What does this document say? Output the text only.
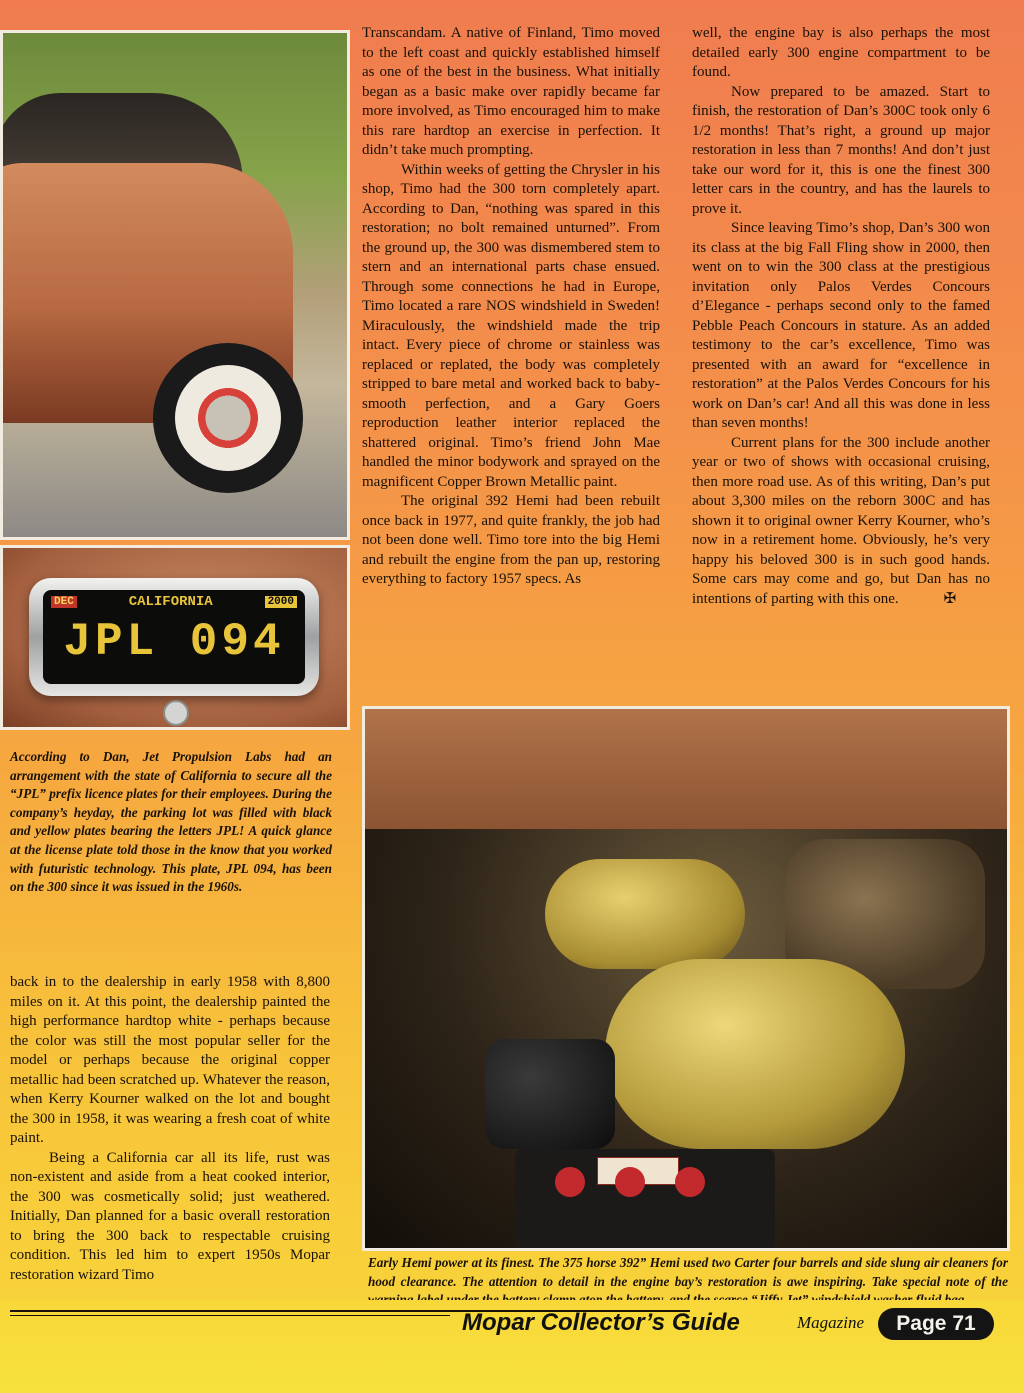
DEC	CALIFORNIA	2000
JPL 094
According to Dan, Jet Propulsion Labs had an arrangement with the state of California to secure all the “JPL” prefix licence plates for their employees. During the company’s heyday, the parking lot was filled with black and yellow plates bearing the letters JPL! A quick glance at the license plate told those in the know that you worked with futuristic technology. This plate, JPL 094, has been on the 300 since it was issued in the 1960s.

back in to the dealership in early 1958 with 8,800 miles on it. At this point, the dealership painted the high performance hardtop white - perhaps because the color was still the most popular seller for the model or perhaps because the original copper metallic had been scratched up. Whatever the reason, when Kerry Kourner walked on the lot and bought the 300 in 1958, it was wearing a fresh coat of white paint.

Being a California car all its life, rust was non-existent and aside from a heat cooked interior, the 300 was cosmetically solid; just weathered. Initially, Dan planned for a basic overall restoration to bring the 300 back to respectable cruising condition. This led him to expert 1950s Mopar restoration wizard Timo

Transcandam. A native of Finland, Timo moved to the left coast and quickly established himself as one of the best in the business. What initially began as a basic make over rapidly became far more involved, as Timo encouraged him to make this rare hardtop an exercise in perfection. It didn’t take much prompting.

Within weeks of getting the Chrysler in his shop, Timo had the 300 torn completely apart. According to Dan, “nothing was spared in this restoration; no bolt remained unturned”. From the ground up, the 300 was dismembered stem to stern and an international parts chase ensued. Through some connections he had in Europe, Timo located a rare NOS windshield in Sweden! Miraculously, the windshield made the trip intact. Every piece of chrome or stainless was replaced or replated, the body was completely stripped to bare metal and worked back to baby-smooth perfection, and a Gary Goers reproduction leather interior replaced the shattered original. Timo’s friend John Mae handled the minor bodywork and sprayed on the magnificent Copper Brown Metallic paint.

The original 392 Hemi had been rebuilt once back in 1977, and quite frankly, the job had not been done well. Timo tore into the big Hemi and rebuilt the engine from the pan up, restoring everything to factory 1957 specs. As

well, the engine bay is also perhaps the most detailed early 300 engine compartment to be found.

Now prepared to be amazed. Start to finish, the restoration of Dan’s 300C took only 6 1/2 months! That’s right, a ground up major restoration in less than 7 months! And don’t just take our word for it, this is one the finest 300 letter cars in the country, and has the laurels to prove it.

Since leaving Timo’s shop, Dan’s 300 won its class at the big Fall Fling show in 2000, then went on to win the 300 class at the prestigious invitation only Palos Verdes Concours d’Elegance - perhaps second only to the famed Pebble Peach Concours in stature. As an added testimony to the car’s excellence, Timo was presented with an award for “excellence in restoration” at the Palos Verdes Concours for his work on Dan’s car! And all this was done in less than seven months!

Current plans for the 300 include another year or two of shows with occasional cruising, then more road use. As of this writing, Dan’s put about 3,300 miles on the reborn 300C and has shown it to original owner Kerry Kourner, who’s now in a retirement home. Obviously, he’s very happy his beloved 300 is in such good hands. Some cars may come and go, but Dan has no intentions of parting with this one.	✠

Early Hemi power at its finest. The 375 horse 392” Hemi used two Carter four barrels and side slung air cleaners for hood clearance. The attention to detail in the engine bay’s restoration is awe inspiring. Take special note of the
Mopar Collector’s Guide	Magazine	Page 71
